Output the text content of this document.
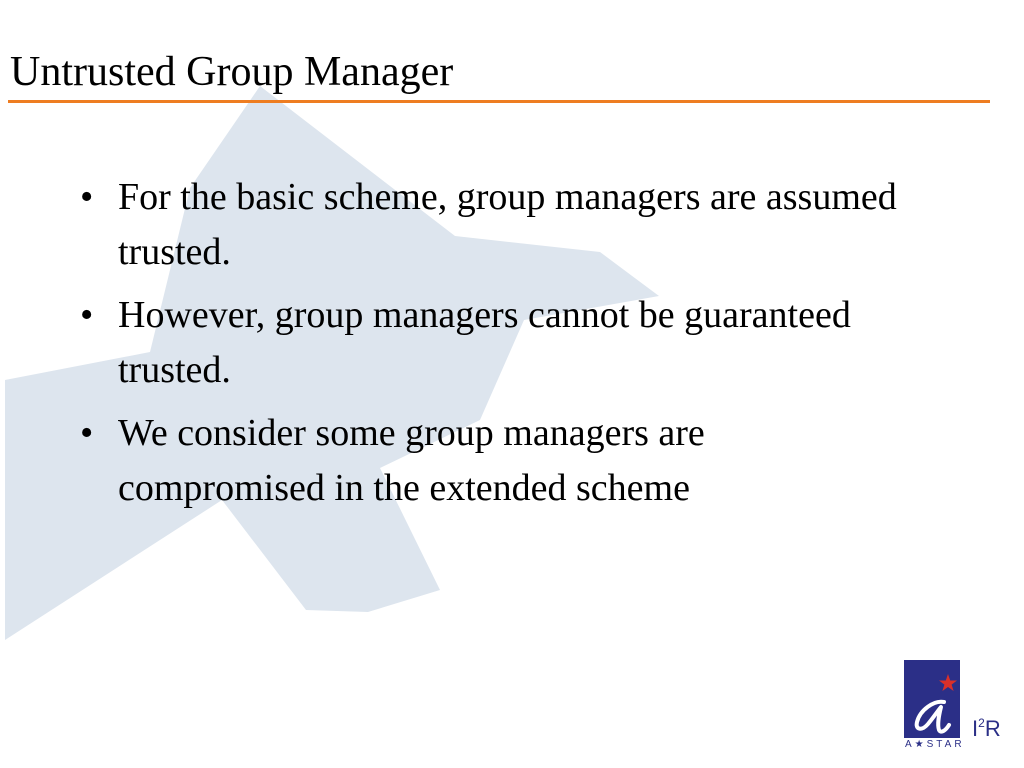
Untrusted Group Manager
• For the basic scheme, group managers are assumed trusted.
• However, group managers cannot be guaranteed trusted.
• We consider some group managers are compromised in the extended scheme
$I^2R$
A★STAR
